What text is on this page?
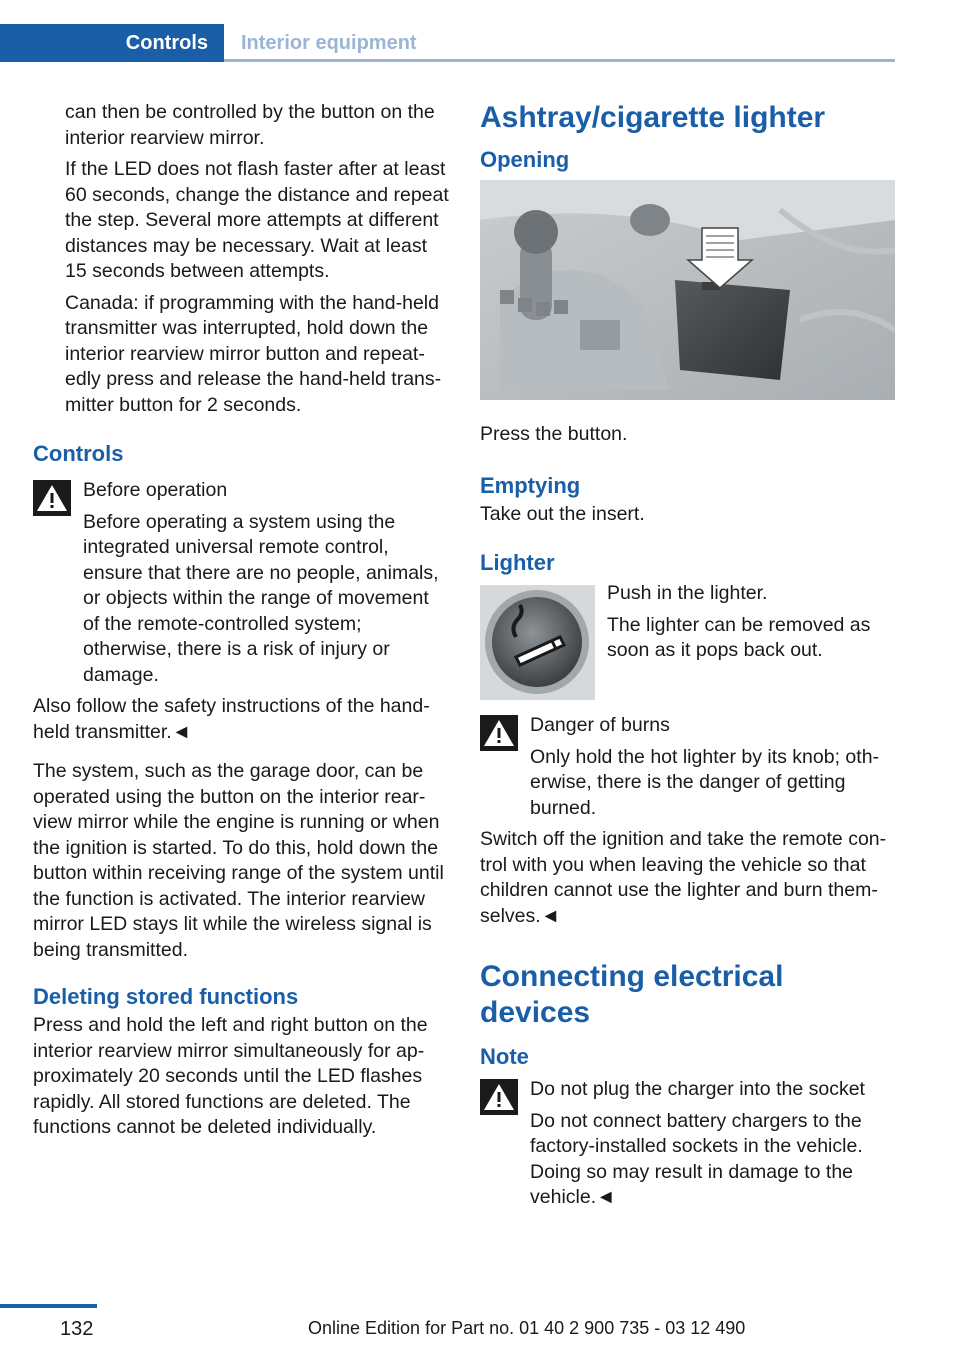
Controls	Interior equipment

can then be controlled by the button on the interior rearview mirror.

If the LED does not flash faster after at least 60 seconds, change the distance and repeat the step. Several more attempts at different distances may be necessary. Wait at least 15 seconds between attempts.

Canada: if programming with the hand-held transmitter was interrupted, hold down the interior rearview mirror button and repeat-edly press and release the hand-held trans-mitter button for 2 seconds.

Controls

Before operation

Before operating a system using the integrated universal remote control, ensure that there are no people, animals, or objects within the range of movement of the remote-controlled system; otherwise, there is a risk of injury or damage.

Also follow the safety instructions of the hand-held transmitter.◄

The system, such as the garage door, can be operated using the button on the interior rear-view mirror while the engine is running or when the ignition is started. To do this, hold down the button within receiving range of the system until the function is activated. The interior rearview mirror LED stays lit while the wireless signal is being transmitted.

Deleting stored functions

Press and hold the left and right button on the interior rearview mirror simultaneously for ap-proximately 20 seconds until the LED flashes rapidly. All stored functions are deleted. The functions cannot be deleted individually.

Ashtray/cigarette lighter
Opening

Press the button.

Emptying

Take out the insert.

Lighter

Push in the lighter.

The lighter can be removed as soon as it pops back out.

Danger of burns

Only hold the hot lighter by its knob; oth-erwise, there is the danger of getting burned.

Switch off the ignition and take the remote con-trol with you when leaving the vehicle so that children cannot use the lighter and burn them-selves.◄

Connecting electrical devices
Note

Do not plug the charger into the socket

Do not connect battery chargers to the factory-installed sockets in the vehicle. Doing so may result in damage to the vehicle.◄

132	Online Edition for Part no. 01 40 2 900 735 - 03 12 490
